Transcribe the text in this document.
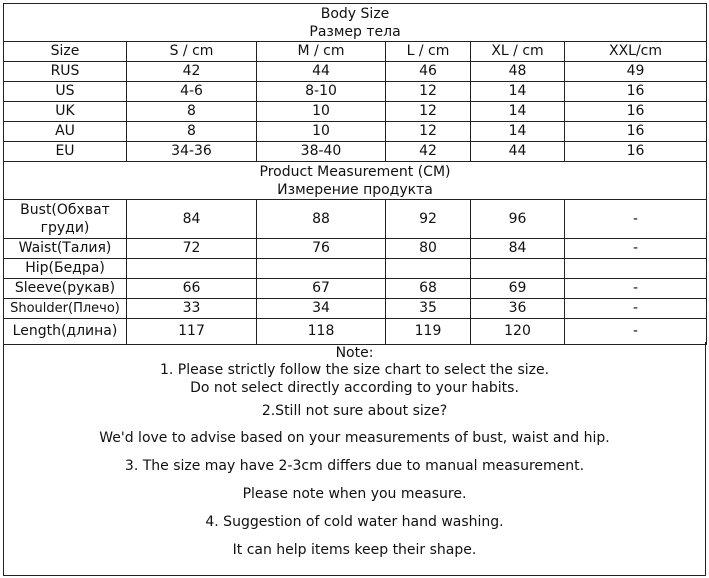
Body Size
Размер тела					

Size	S / cm	M / cm	L / cm	XL / cm	XXL/cm
RUS	42	44	46	48	49
US	4-6	8-10	12	14	16
UK	8	10	12	14	16
AU	8	10	12	14	16
EU	34-36	38-40	42	44	16

Product Measurement (CM)
Измерение продукта					

Bust(Обхват
груди)	84	88	92	96	-
Waist(Талия)	72	76	80	84	-
Hip(Бедра)					
Sleeve(рукав)	66	67	68	69	-
Shoulder(Плечо)	33	34	35	36	-
Length(длина)	117	118	119	120	-
Note:
1. Please strictly follow the size chart to select the size.
Do not select directly according to your habits.
2.Still not sure about size?
We'd love to advise based on your measurements of bust, waist and hip.
3. The size may have 2-3cm differs due to manual measurement.
Please note when you measure.
4. Suggestion of cold water hand washing.
It can help items keep their shape.
